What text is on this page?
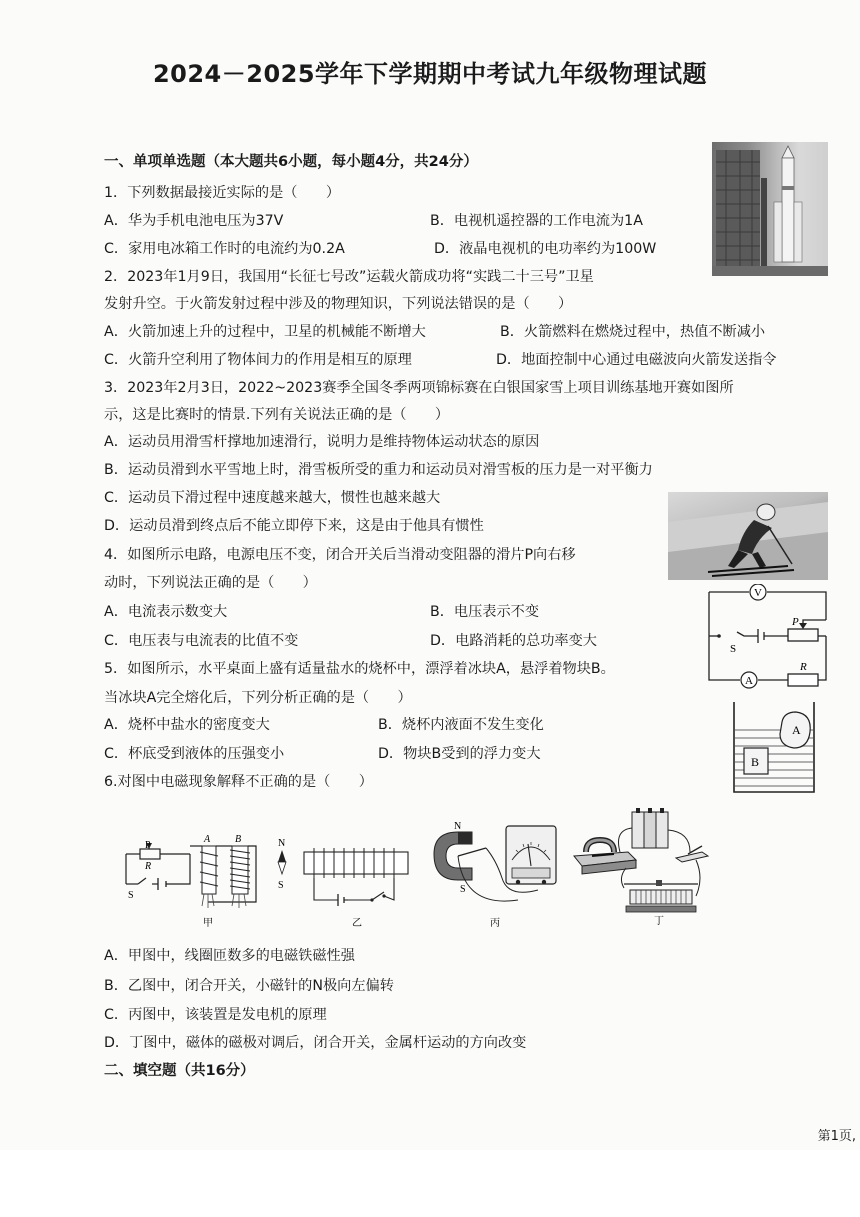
2024－2025学年下学期期中考试九年级物理试题
一、单项单选题（本大题共6小题，每小题4分，共24分）
1．下列数据最接近实际的是（　　）
A．华为手机电池电压为37V	B．电视机遥控器的工作电流为1A
C．家用电冰箱工作时的电流约为0.2A	D．液晶电视机的电功率约为100W
2．2023年1月9日，我国用“长征七号改”运载火箭成功将“实践二十三号”卫星
发射升空。于火箭发射过程中涉及的物理知识，下列说法错误的是（　　）
A．火箭加速上升的过程中，卫星的机械能不断增大	B．火箭燃料在燃烧过程中，热值不断减小
C．火箭升空利用了物体间力的作用是相互的原理	D．地面控制中心通过电磁波向火箭发送指令
3．2023年2月3日，2022~2023赛季全国冬季两项锦标赛在白银国家雪上项目训练基地开赛如图所
示，这是比赛时的情景.下列有关说法正确的是（　　）
A．运动员用滑雪杆撑地加速滑行，说明力是维持物体运动状态的原因
B．运动员滑到水平雪地上时，滑雪板所受的重力和运动员对滑雪板的压力是一对平衡力
C．运动员下滑过程中速度越来越大，惯性也越来越大
D．运动员滑到终点后不能立即停下来，这是由于他具有惯性
4．如图所示电路，电源电压不变，闭合开关后当滑动变阻器的滑片P向右移
动时，下列说法正确的是（　　）
A．电流表示数变大	B．电压表示不变
C．电压表与电流表的比值不变	D．电路消耗的总功率变大
V
P
S
A
R
5．如图所示，水平桌面上盛有适量盐水的烧杯中，漂浮着冰块A，悬浮着物块B。
当冰块A完全熔化后，下列分析正确的是（　　）
A．烧杯中盐水的密度变大	B．烧杯内液面不发生变化
C．杯底受到液体的压强变小	D．物块B受到的浮力变大
A
B
6.对图中电磁现象解释不正确的是（　　）
P
R
S
A B
甲
N
S
乙
N
S
丙	丁
A．甲图中，线圈匝数多的电磁铁磁性强
B．乙图中，闭合开关，小磁针的N极向左偏转
C．丙图中，该装置是发电机的原理
D．丁图中，磁体的磁极对调后，闭合开关，金属杆运动的方向改变
二、填空题（共16分）
第1页,
